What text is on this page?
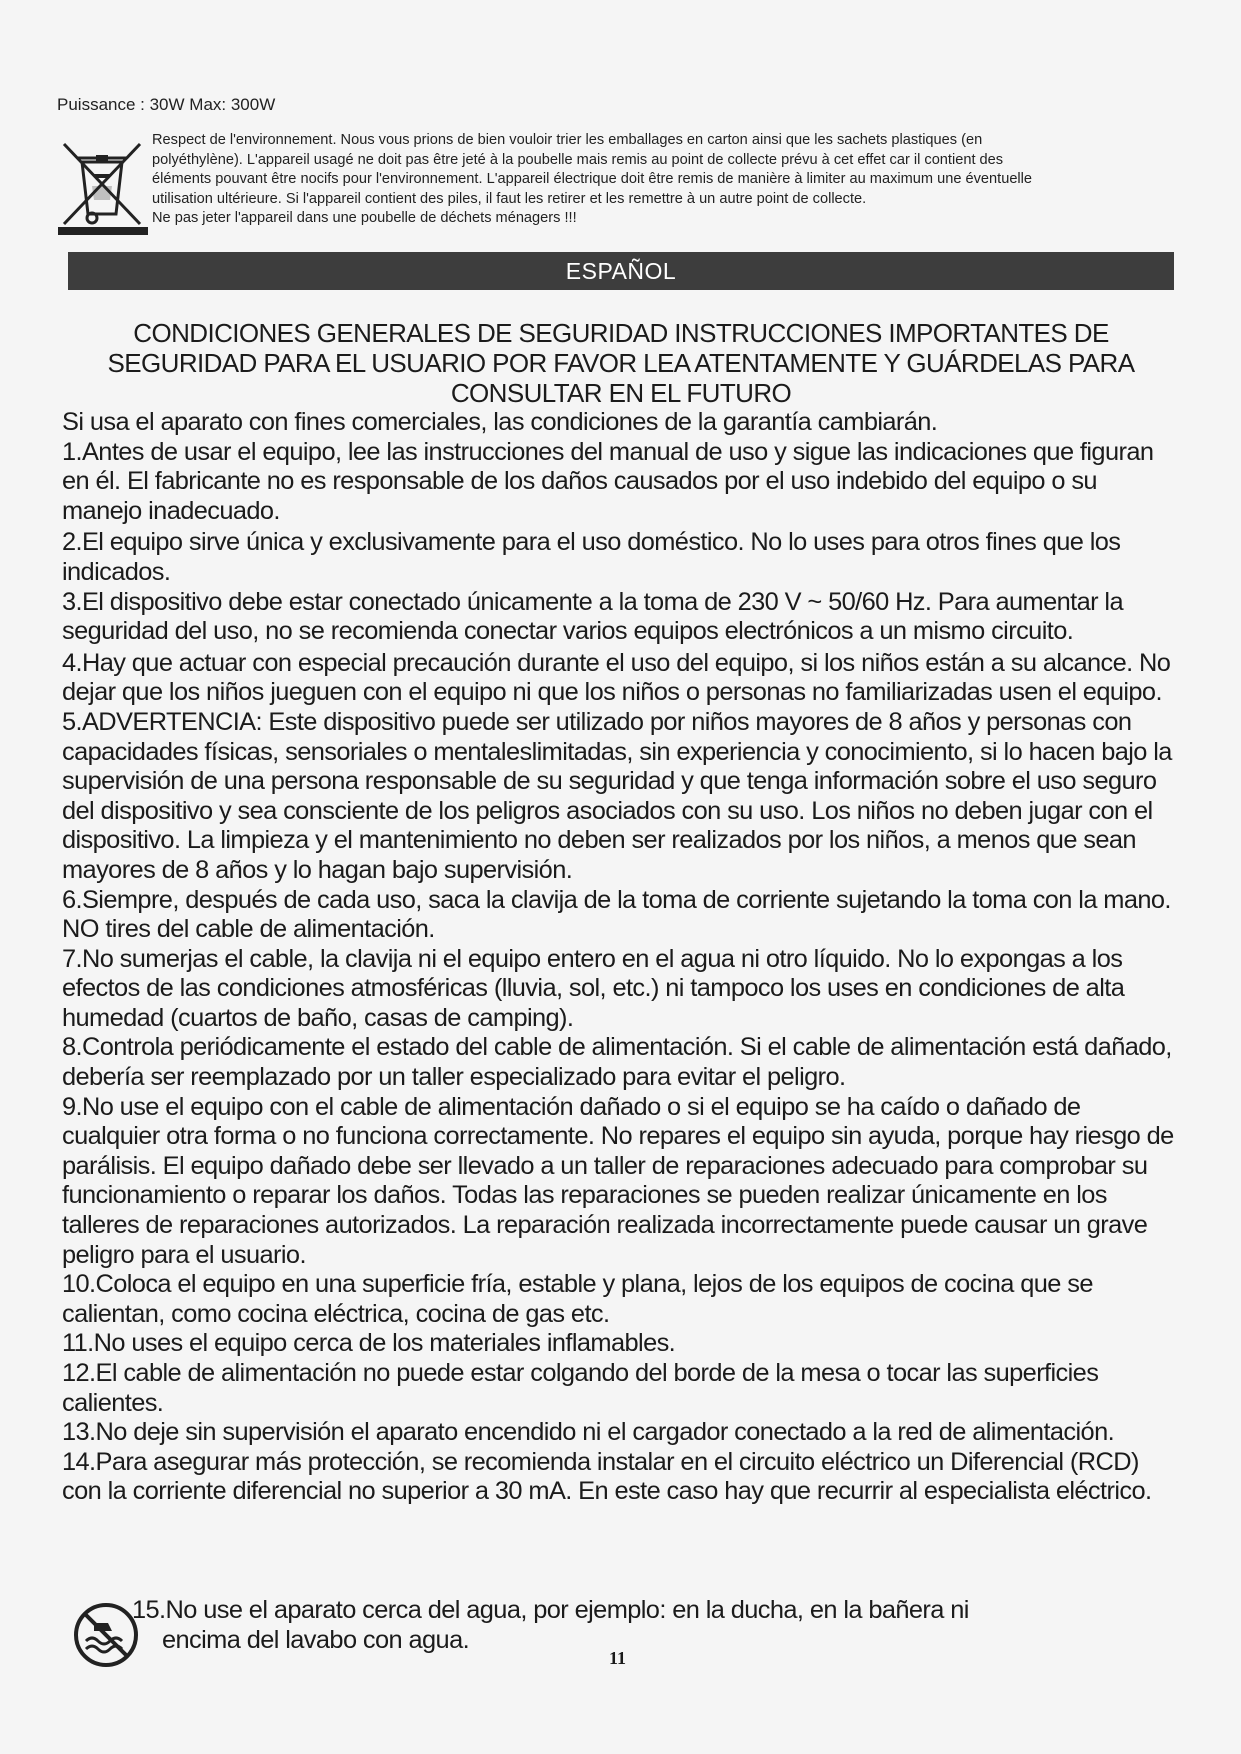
Puissance : 30W Max: 300W

Respect de l'environnement. Nous vous prions de bien vouloir trier les emballages en carton ainsi que les sachets plastiques (en

polyéthylène). L'appareil usagé ne doit pas être jeté à la poubelle mais remis au point de collecte prévu à cet effet car il contient des

éléments pouvant être nocifs pour l'environnement. L'appareil électrique doit être remis de manière à limiter au maximum une éventuelle

utilisation ultérieure. Si l'appareil contient des piles, il faut les retirer et les remettre à un autre point de collecte.

Ne pas jeter l'appareil dans une poubelle de déchets ménagers !!!

ESPAÑOL

CONDICIONES GENERALES DE SEGURIDAD INSTRUCCIONES IMPORTANTES DE SEGURIDAD PARA EL USUARIO POR FAVOR LEA ATENTAMENTE Y GUÁRDELAS PARA CONSULTAR EN EL FUTURO

Si usa el aparato con fines comerciales, las condiciones de la garantía cambiarán.

1.Antes de usar el equipo, lee las instrucciones del manual de uso y sigue las indicaciones que figuran en él. El fabricante no es responsable de los daños causados por el uso indebido del equipo o su manejo inadecuado.

2.El equipo sirve única y exclusivamente para el uso doméstico. No lo uses para otros fines que los indicados.

3.El dispositivo debe estar conectado únicamente a la toma de 230 V ~ 50/60 Hz. Para aumentar la seguridad del uso, no se recomienda conectar varios equipos electrónicos a un mismo circuito.

4.Hay que actuar con especial precaución durante el uso del equipo, si los niños están a su alcance. No dejar que los niños jueguen con el equipo ni que los niños o personas no familiarizadas usen el equipo.

5.ADVERTENCIA: Este dispositivo puede ser utilizado por niños mayores de 8 años y personas con capacidades físicas, sensoriales o mentaleslimitadas, sin experiencia y conocimiento, si lo hacen bajo la supervisión de una persona responsable de su seguridad y que tenga información sobre el uso seguro del dispositivo y sea consciente de los peligros asociados con su uso. Los niños no deben jugar con el dispositivo. La limpieza y el mantenimiento no deben ser realizados por los niños, a menos que sean mayores de 8 años y lo hagan bajo supervisión.

6.Siempre, después de cada uso, saca la clavija de la toma de corriente sujetando la toma con la mano. NO tires del cable de alimentación.

7.No sumerjas el cable, la clavija ni el equipo entero en el agua ni otro líquido. No lo expongas a los efectos de las condiciones atmosféricas (lluvia, sol, etc.) ni tampoco los uses en condiciones de alta humedad (cuartos de baño, casas de camping).

8.Controla periódicamente el estado del cable de alimentación. Si el cable de alimentación está dañado, debería ser reemplazado por un taller especializado para evitar el peligro.

9.No use el equipo con el cable de alimentación dañado o si el equipo se ha caído o dañado de cualquier otra forma o no funciona correctamente. No repares el equipo sin ayuda, porque hay riesgo de parálisis. El equipo dañado debe ser llevado a un taller de reparaciones adecuado para comprobar su funcionamiento o reparar los daños. Todas las reparaciones se pueden realizar únicamente en los talleres de reparaciones autorizados. La reparación realizada incorrectamente puede causar un grave peligro para el usuario.

10.Coloca el equipo en una superficie fría, estable y plana, lejos de los equipos de cocina que se calientan, como cocina eléctrica, cocina de gas etc.

11.No uses el equipo cerca de los materiales inflamables.

12.El cable de alimentación no puede estar colgando del borde de la mesa o tocar las superficies calientes.

13.No deje sin supervisión el aparato encendido ni el cargador conectado a la red de alimentación.

14.Para asegurar más protección, se recomienda instalar en el circuito eléctrico un Diferencial (RCD) con la corriente diferencial no superior a 30 mA. En este caso hay que recurrir al especialista eléctrico.

15.No use el aparato cerca del agua, por ejemplo: en la ducha, en la bañera ni
encima del lavabo con agua.
11
